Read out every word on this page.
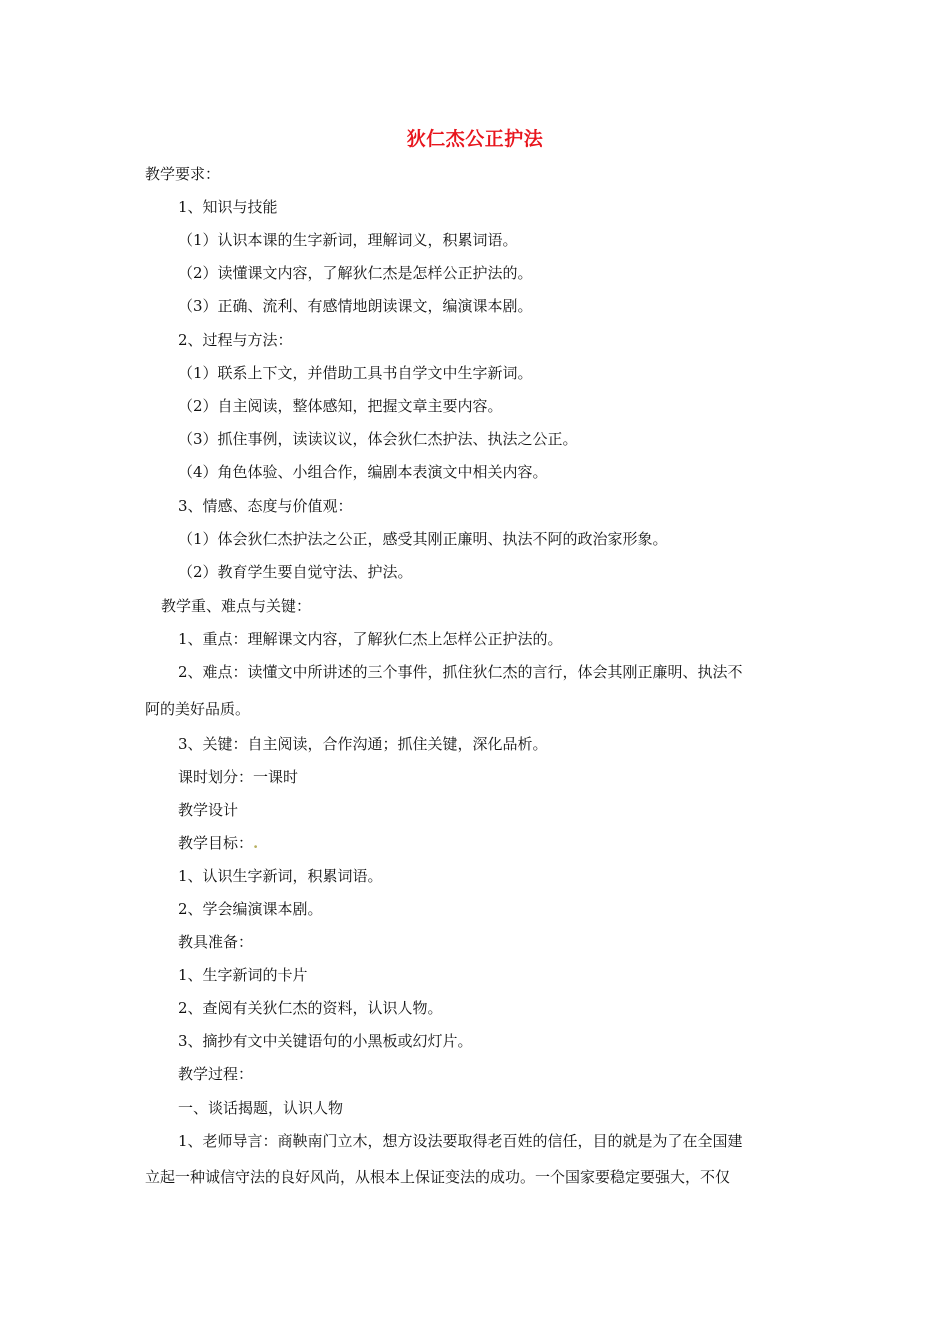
狄仁杰公正护法
教学要求：
1、知识与技能
（1）认识本课的生字新词，理解词义，积累词语。
（2）读懂课文内容，了解狄仁杰是怎样公正护法的。
（3）正确、流利、有感情地朗读课文，编演课本剧。
2、过程与方法：
（1）联系上下文，并借助工具书自学文中生字新词。
（2）自主阅读，整体感知，把握文章主要内容。
（3）抓住事例，读读议议，体会狄仁杰护法、执法之公正。
（4）角色体验、小组合作，编剧本表演文中相关内容。
3、情感、态度与价值观：
（1）体会狄仁杰护法之公正，感受其刚正廉明、执法不阿的政治家形象。
（2）教育学生要自觉守法、护法。
教学重、难点与关键：
1、重点：理解课文内容，了解狄仁杰上怎样公正护法的。
2、难点：读懂文中所讲述的三个事件，抓住狄仁杰的言行，体会其刚正廉明、执法不
阿的美好品质。
3、关键：自主阅读，合作沟通；抓住关键，深化品析。
课时划分：一课时
教学设计
教学目标：.
1、认识生字新词，积累词语。
2、学会编演课本剧。
教具准备：
1、生字新词的卡片
2、查阅有关狄仁杰的资料，认识人物。
3、摘抄有文中关键语句的小黑板或幻灯片。
教学过程：
一、谈话揭题，认识人物
1、老师导言：商鞅南门立木，想方设法要取得老百姓的信任，目的就是为了在全国建
立起一种诚信守法的良好风尚，从根本上保证变法的成功。一个国家要稳定要强大，不仅
